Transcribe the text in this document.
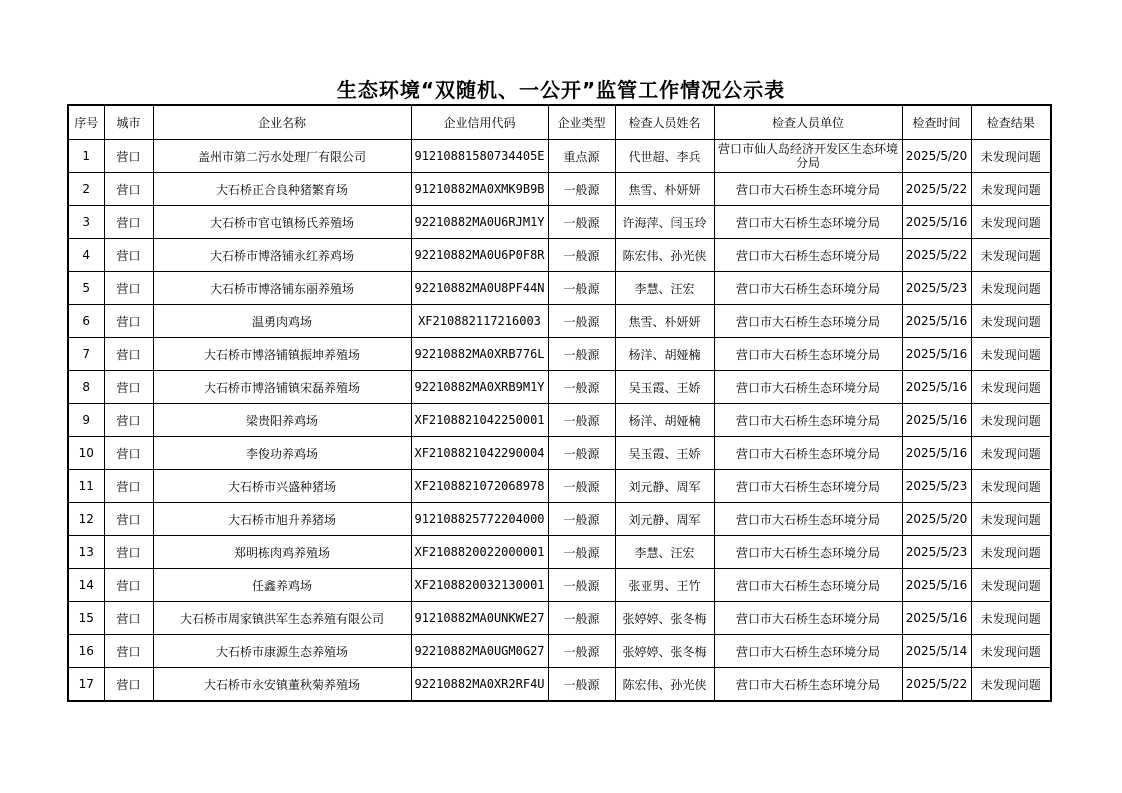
生态环境“双随机、一公开”监管工作情况公示表
序号	城市	企业名称	企业信用代码	企业类型	检查人员姓名	检查人员单位	检查时间	检查结果
1	营口	盖州市第二污水处理厂有限公司	91210881580734405E	重点源	代世超、李兵	营口市仙人岛经济开发区生态环境分局	2025/5/20	未发现问题
2	营口	大石桥正合良种猪繁育场	91210882MA0XMK9B9B	一般源	焦雪、朴妍妍	营口市大石桥生态环境分局	2025/5/22	未发现问题
3	营口	大石桥市官屯镇杨氏养殖场	92210882MA0U6RJM1Y	一般源	许海萍、闫玉玲	营口市大石桥生态环境分局	2025/5/16	未发现问题
4	营口	大石桥市博洛铺永红养鸡场	92210882MA0U6P0F8R	一般源	陈宏伟、孙光侠	营口市大石桥生态环境分局	2025/5/22	未发现问题
5	营口	大石桥市博洛铺东丽养殖场	92210882MA0U8PF44N	一般源	李慧、汪宏	营口市大石桥生态环境分局	2025/5/23	未发现问题
6	营口	温勇肉鸡场	XF210882117216003	一般源	焦雪、朴妍妍	营口市大石桥生态环境分局	2025/5/16	未发现问题
7	营口	大石桥市博洛铺镇振坤养殖场	92210882MA0XRB776L	一般源	杨洋、胡娅楠	营口市大石桥生态环境分局	2025/5/16	未发现问题
8	营口	大石桥市博洛铺镇宋磊养殖场	92210882MA0XRB9M1Y	一般源	吴玉霞、王娇	营口市大石桥生态环境分局	2025/5/16	未发现问题
9	营口	梁贵阳养鸡场	XF2108821042250001	一般源	杨洋、胡娅楠	营口市大石桥生态环境分局	2025/5/16	未发现问题
10	营口	李俊功养鸡场	XF2108821042290004	一般源	吴玉霞、王娇	营口市大石桥生态环境分局	2025/5/16	未发现问题
11	营口	大石桥市兴盛种猪场	XF2108821072068978	一般源	刘元静、周军	营口市大石桥生态环境分局	2025/5/23	未发现问题
12	营口	大石桥市旭升养猪场	912108825772204000	一般源	刘元静、周军	营口市大石桥生态环境分局	2025/5/20	未发现问题
13	营口	郑明栋肉鸡养殖场	XF2108820022000001	一般源	李慧、汪宏	营口市大石桥生态环境分局	2025/5/23	未发现问题
14	营口	任鑫养鸡场	XF2108820032130001	一般源	张亚男、王竹	营口市大石桥生态环境分局	2025/5/16	未发现问题
15	营口	大石桥市周家镇洪军生态养殖有限公司	91210882MA0UNKWE27	一般源	张婷婷、张冬梅	营口市大石桥生态环境分局	2025/5/16	未发现问题
16	营口	大石桥市康源生态养殖场	92210882MA0UGM0G27	一般源	张婷婷、张冬梅	营口市大石桥生态环境分局	2025/5/14	未发现问题
17	营口	大石桥市永安镇董秋菊养殖场	92210882MA0XR2RF4U	一般源	陈宏伟、孙光侠	营口市大石桥生态环境分局	2025/5/22	未发现问题
